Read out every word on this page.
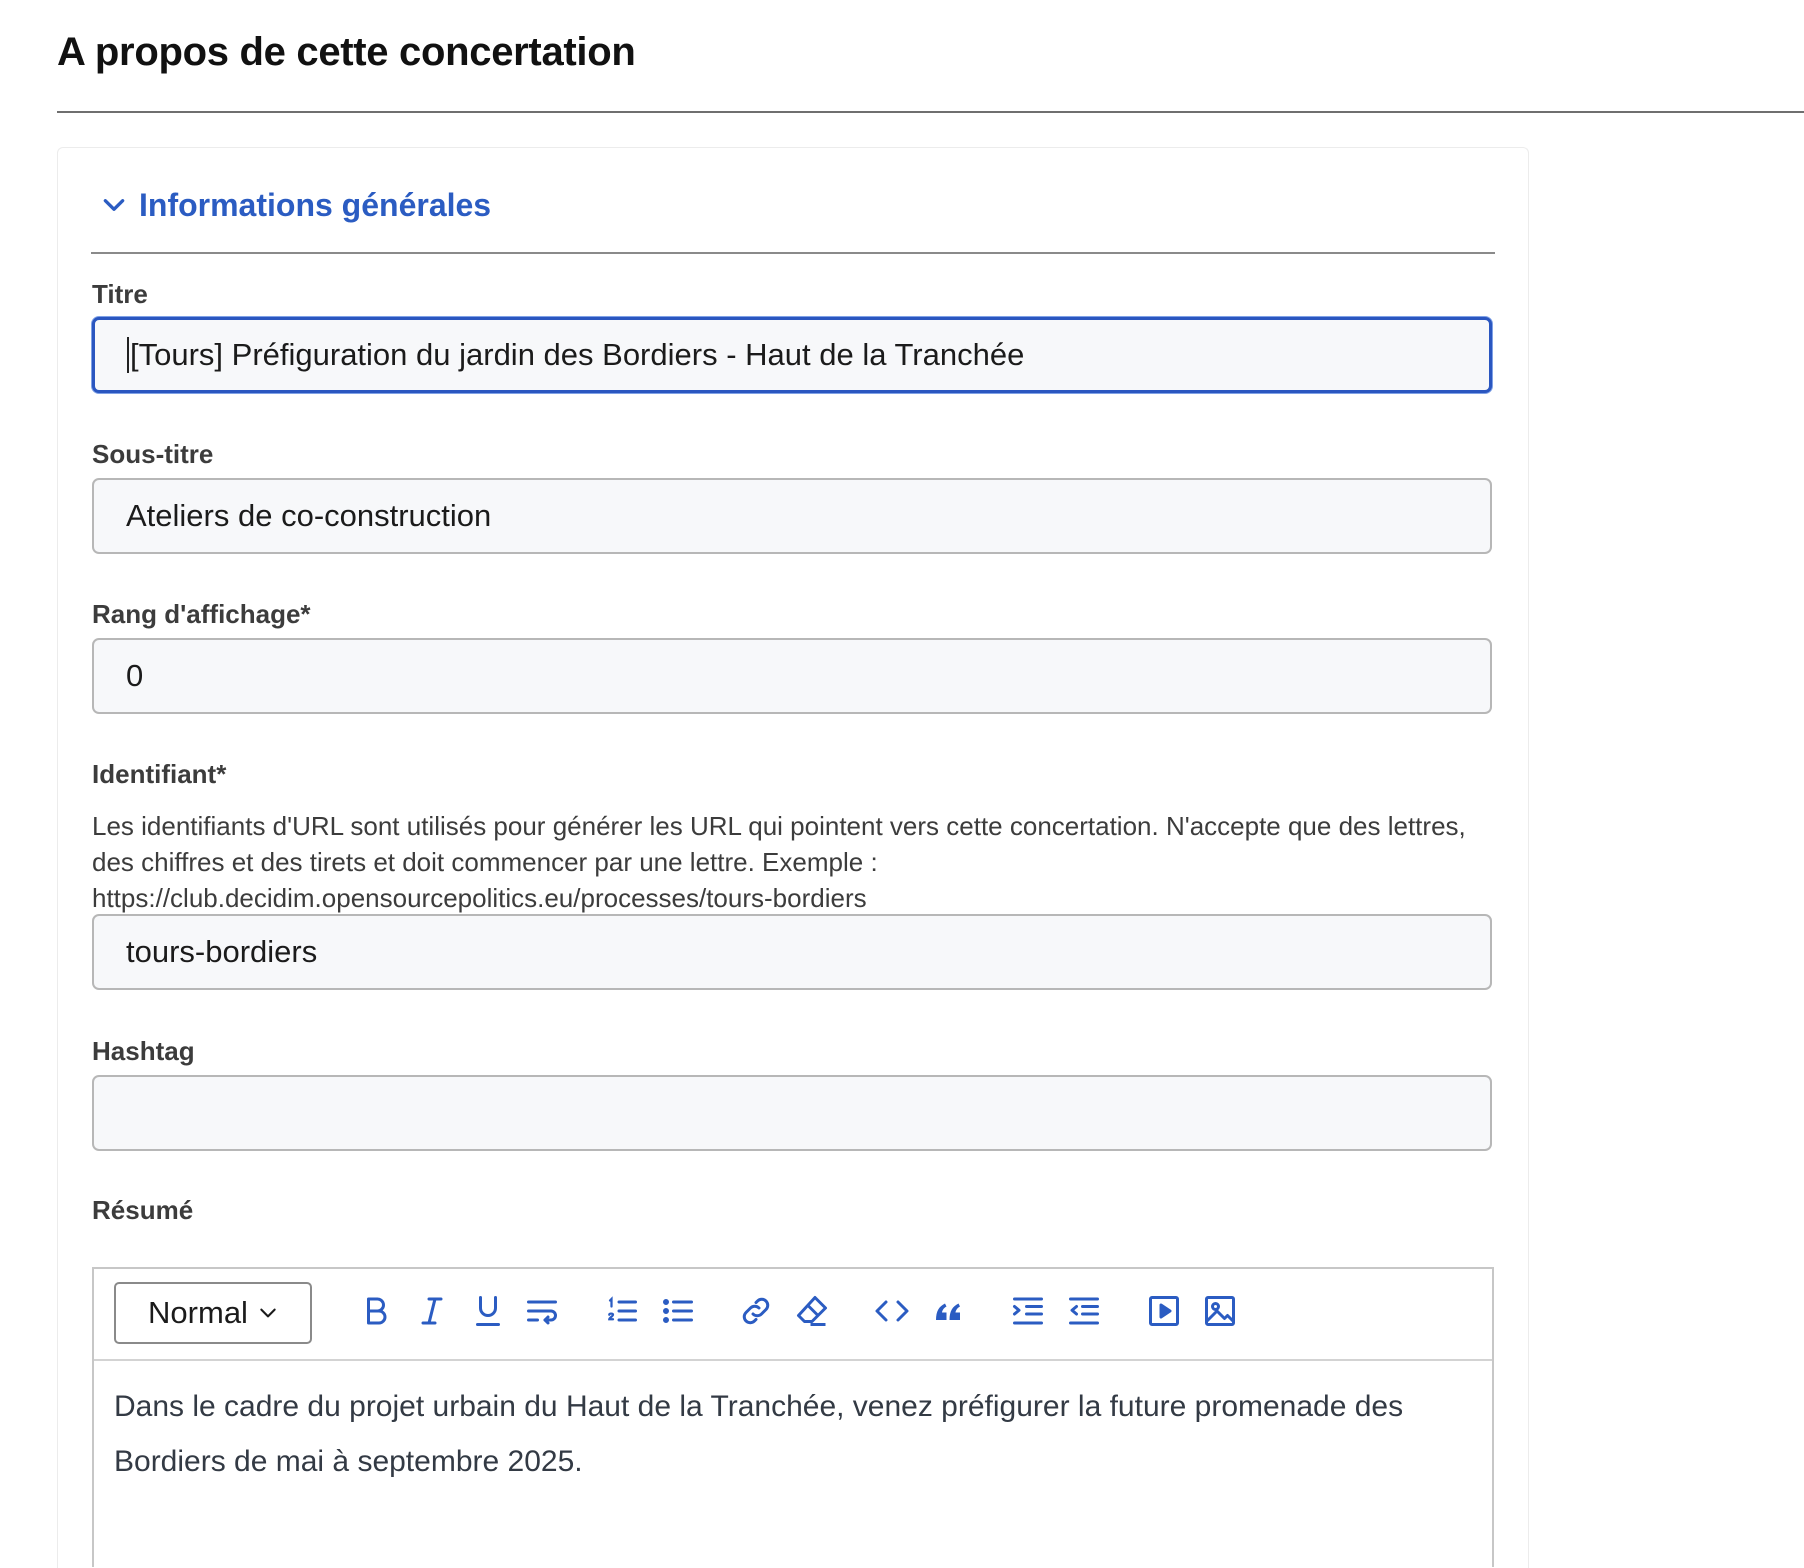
A propos de cette concertation
Informations générales
Titre
[Tours] Préfiguration du jardin des Bordiers - Haut de la Tranchée
Sous-titre
Ateliers de co-construction
Rang d'affichage*
0
Identifiant*
Les identifiants d'URL sont utilisés pour générer les URL qui pointent vers cette concertation. N'accepte que des lettres, des chiffres et des tirets et doit commencer par une lettre. Exemple : https://club.decidim.opensourcepolitics.eu/processes/tours-bordiers
tours-bordiers
Hashtag
Résumé
Normal
Dans le cadre du projet urbain du Haut de la Tranchée, venez préfigurer la future promenade des Bordiers de mai à septembre 2025.
